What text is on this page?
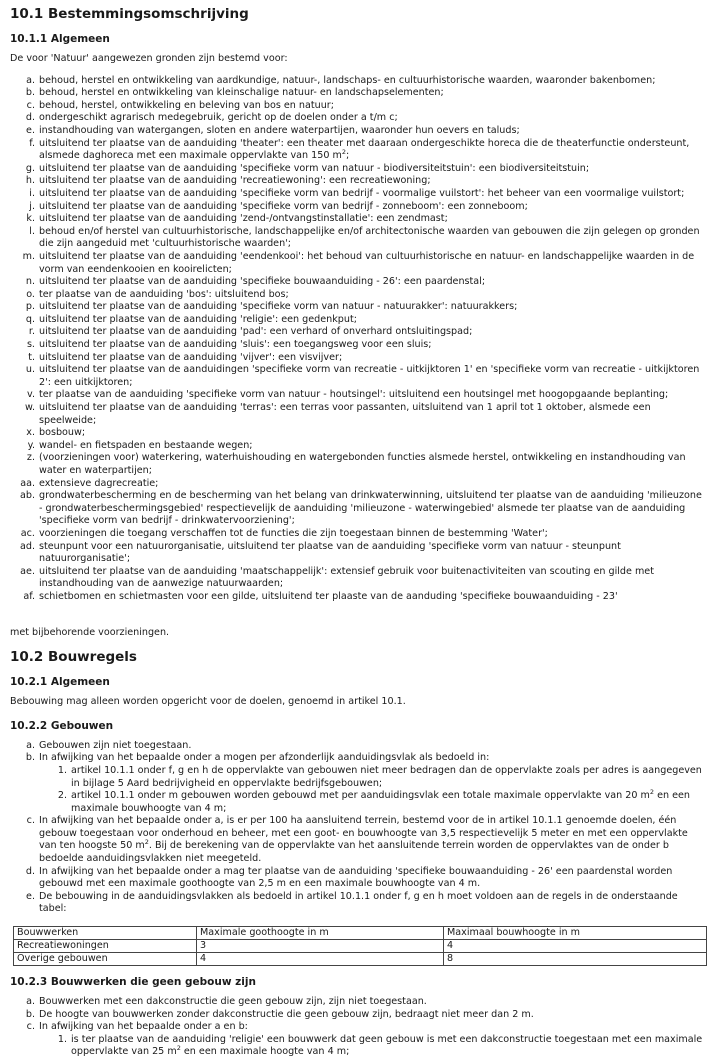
10.1 Bestemmingsomschrijving
10.1.1 Algemeen

De voor 'Natuur' aangewezen gronden zijn bestemd voor:

a. behoud, herstel en ontwikkeling van aardkundige, natuur-, landschaps- en cultuurhistorische waarden, waaronder bakenbomen;
b. behoud, herstel en ontwikkeling van kleinschalige natuur- en landschapselementen;
c. behoud, herstel, ontwikkeling en beleving van bos en natuur;
d. ondergeschikt agrarisch medegebruik, gericht op de doelen onder a t/m c;
e. instandhouding van watergangen, sloten en andere waterpartijen, waaronder hun oevers en taluds;
f. uitsluitend ter plaatse van de aanduiding 'theater': een theater met daaraan ondergeschikte horeca die de theaterfunctie ondersteunt, alsmede daghoreca met een maximale oppervlakte van 150 $m^2$;
g. uitsluitend ter plaatse van de aanduiding 'specifieke vorm van natuur - biodiversiteitstuin': een biodiversiteitstuin;
h. uitsluitend ter plaatse van de aanduiding 'recreatiewoning': een recreatiewoning;
i. uitsluitend ter plaatse van de aanduiding 'specifieke vorm van bedrijf - voormalige vuilstort': het beheer van een voormalige vuilstort;
j. uitsluitend ter plaatse van de aanduiding 'specifieke vorm van bedrijf - zonneboom': een zonneboom;
k. uitsluitend ter plaatse van de aanduiding 'zend-/ontvangstinstallatie': een zendmast;
l. behoud en/of herstel van cultuurhistorische, landschappelijke en/of architectonische waarden van gebouwen die zijn gelegen op gronden die zijn aangeduid met 'cultuurhistorische waarden';
m. uitsluitend ter plaatse van de aanduiding 'eendenkooi': het behoud van cultuurhistorische en natuur- en landschappelijke waarden in de vorm van eendenkooien en kooirelicten;
n. uitsluitend ter plaatse van de aanduiding 'specifieke bouwaanduiding - 26': een paardenstal;
o. ter plaatse van de aanduiding 'bos': uitsluitend bos;
p. uitsluitend ter plaatse van de aanduiding 'specifieke vorm van natuur - natuurakker': natuurakkers;
q. uitsluitend ter plaatse van de aanduiding 'religie': een gedenkput;
r. uitsluitend ter plaatse van de aanduiding 'pad': een verhard of onverhard ontsluitingspad;
s. uitsluitend ter plaatse van de aanduiding 'sluis': een toegangsweg voor een sluis;
t. uitsluitend ter plaatse van de aanduiding 'vijver': een visvijver;
u. uitsluitend ter plaatse van de aanduidingen 'specifieke vorm van recreatie - uitkijktoren 1' en 'specifieke vorm van recreatie - uitkijktoren 2': een uitkijktoren;
v. ter plaatse van de aanduiding 'specifieke vorm van natuur - houtsingel': uitsluitend een houtsingel met hoogopgaande beplanting;
w. uitsluitend ter plaatse van de aanduiding 'terras': een terras voor passanten, uitsluitend van 1 april tot 1 oktober, alsmede een speelweide;
x. bosbouw;
y. wandel- en fietspaden en bestaande wegen;
z. (voorzieningen voor) waterkering, waterhuishouding en watergebonden functies alsmede herstel, ontwikkeling en instandhouding van water en waterpartijen;
aa. extensieve dagrecreatie;
ab. grondwaterbescherming en de bescherming van het belang van drinkwaterwinning, uitsluitend ter plaatse van de aanduiding 'milieuzone - grondwaterbeschermingsgebied' respectievelijk de aanduiding 'milieuzone - waterwingebied' alsmede ter plaatse van de aanduiding 'specifieke vorm van bedrijf - drinkwatervoorziening';
ac. voorzieningen die toegang verschaffen tot de functies die zijn toegestaan binnen de bestemming 'Water';
ad. steunpunt voor een natuurorganisatie, uitsluitend ter plaatse van de aanduiding 'specifieke vorm van natuur - steunpunt natuurorganisatie';
ae. uitsluitend ter plaatse van de aanduiding 'maatschappelijk': extensief gebruik voor buitenactiviteiten van scouting en gilde met instandhouding van de aanwezige natuurwaarden;
af. schietbomen en schietmasten voor een gilde, uitsluitend ter plaaste van de aanduding 'specifieke bouwaanduiding - 23'

met bijbehorende voorzieningen.

10.2 Bouwregels
10.2.1 Algemeen

Bebouwing mag alleen worden opgericht voor de doelen, genoemd in artikel 10.1.

10.2.2 Gebouwen
a. Gebouwen zijn niet toegestaan.
b. In afwijking van het bepaalde onder a mogen per afzonderlijk aanduidingsvlak als bedoeld in:
1. artikel 10.1.1 onder f, g en h de oppervlakte van gebouwen niet meer bedragen dan de oppervlakte zoals per adres is aangegeven in bijlage 5 Aard bedrijvigheid en oppervlakte bedrijfsgebouwen;
2. artikel 10.1.1 onder m gebouwen worden gebouwd met per aanduidingsvlak een totale maximale oppervlakte van 20 $m^2$ en een maximale bouwhoogte van 4 m;
c. In afwijking van het bepaalde onder a, is er per 100 ha aansluitend terrein, bestemd voor de in artikel 10.1.1 genoemde doelen, één gebouw toegestaan voor onderhoud en beheer, met een goot- en bouwhoogte van 3,5 respectievelijk 5 meter en met een oppervlakte van ten hoogste 50 $m^2$. Bij de berekening van de oppervlakte van het aansluitende terrein worden de oppervlaktes van de onder b bedoelde aanduidingsvlakken niet meegeteld.
d. In afwijking van het bepaalde onder a mag ter plaatse van de aanduiding 'specifieke bouwaanduiding - 26' een paardenstal worden gebouwd met een maximale goothoogte van 2,5 m en een maximale bouwhoogte van 4 m.
e. De bebouwing in de aanduidingsvlakken als bedoeld in artikel 10.1.1 onder f, g en h moet voldoen aan de regels in de onderstaande tabel:
Bouwwerken	Maximale goothoogte in m	Maximaal bouwhoogte in m
Recreatiewoningen	3	4
Overige gebouwen	4	8
10.2.3 Bouwwerken die geen gebouw zijn
a. Bouwwerken met een dakconstructie die geen gebouw zijn, zijn niet toegestaan.
b. De hoogte van bouwwerken zonder dakconstructie die geen gebouw zijn, bedraagt niet meer dan 2 m.
c. In afwijking van het bepaalde onder a en b:
1. is ter plaatse van de aanduiding 'religie' een bouwwerk dat geen gebouw is met een dakconstructie toegestaan met een maximale oppervlakte van 25 $m^2$ en een maximale hoogte van 4 m;
